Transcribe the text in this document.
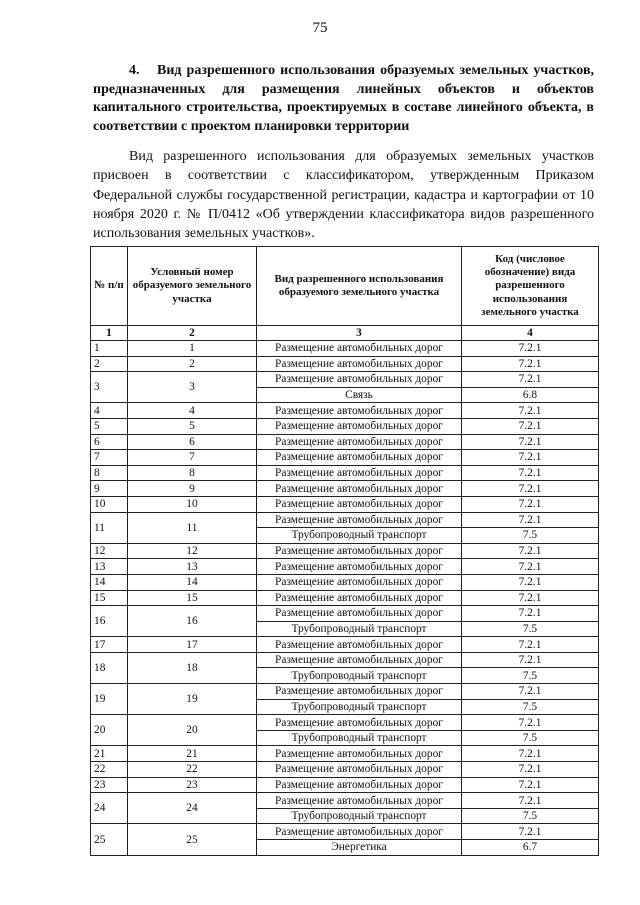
75
4. Вид разрешенного использования образуемых земельных участков, предназначенных для размещения линейных объектов и объектов капитального строительства, проектируемых в составе линейного объекта, в соответствии с проектом планировки территории
Вид разрешенного использования для образуемых земельных участков присвоен в соответствии с классификатором, утвержденным Приказом Федеральной службы государственной регистрации, кадастра и картографии от 10 ноября 2020 г. № П/0412 «Об утверждении классификатора видов разрешенного использования земельных участков».
№ п/п	Условный номер образуемого земельного участка	Вид разрешенного использования образуемого земельного участка	Код (числовое обозначение) вида разрешенного использования земельного участка
1	2	3	4
1	1	Размещение автомобильных дорог	7.2.1
2	2	Размещение автомобильных дорог	7.2.1
3	3	Размещение автомобильных дорог	7.2.1
		Связь	6.8
4	4	Размещение автомобильных дорог	7.2.1
5	5	Размещение автомобильных дорог	7.2.1
6	6	Размещение автомобильных дорог	7.2.1
7	7	Размещение автомобильных дорог	7.2.1
8	8	Размещение автомобильных дорог	7.2.1
9	9	Размещение автомобильных дорог	7.2.1
10	10	Размещение автомобильных дорог	7.2.1
11	11	Размещение автомобильных дорог	7.2.1
		Трубопроводный транспорт	7.5
12	12	Размещение автомобильных дорог	7.2.1
13	13	Размещение автомобильных дорог	7.2.1
14	14	Размещение автомобильных дорог	7.2.1
15	15	Размещение автомобильных дорог	7.2.1
16	16	Размещение автомобильных дорог	7.2.1
		Трубопроводный транспорт	7.5
17	17	Размещение автомобильных дорог	7.2.1
18	18	Размещение автомобильных дорог	7.2.1
		Трубопроводный транспорт	7.5
19	19	Размещение автомобильных дорог	7.2.1
		Трубопроводный транспорт	7.5
20	20	Размещение автомобильных дорог	7.2.1
		Трубопроводный транспорт	7.5
21	21	Размещение автомобильных дорог	7.2.1
22	22	Размещение автомобильных дорог	7.2.1
23	23	Размещение автомобильных дорог	7.2.1
24	24	Размещение автомобильных дорог	7.2.1
		Трубопроводный транспорт	7.5
25	25	Размещение автомобильных дорог	7.2.1
		Энергетика	6.7
